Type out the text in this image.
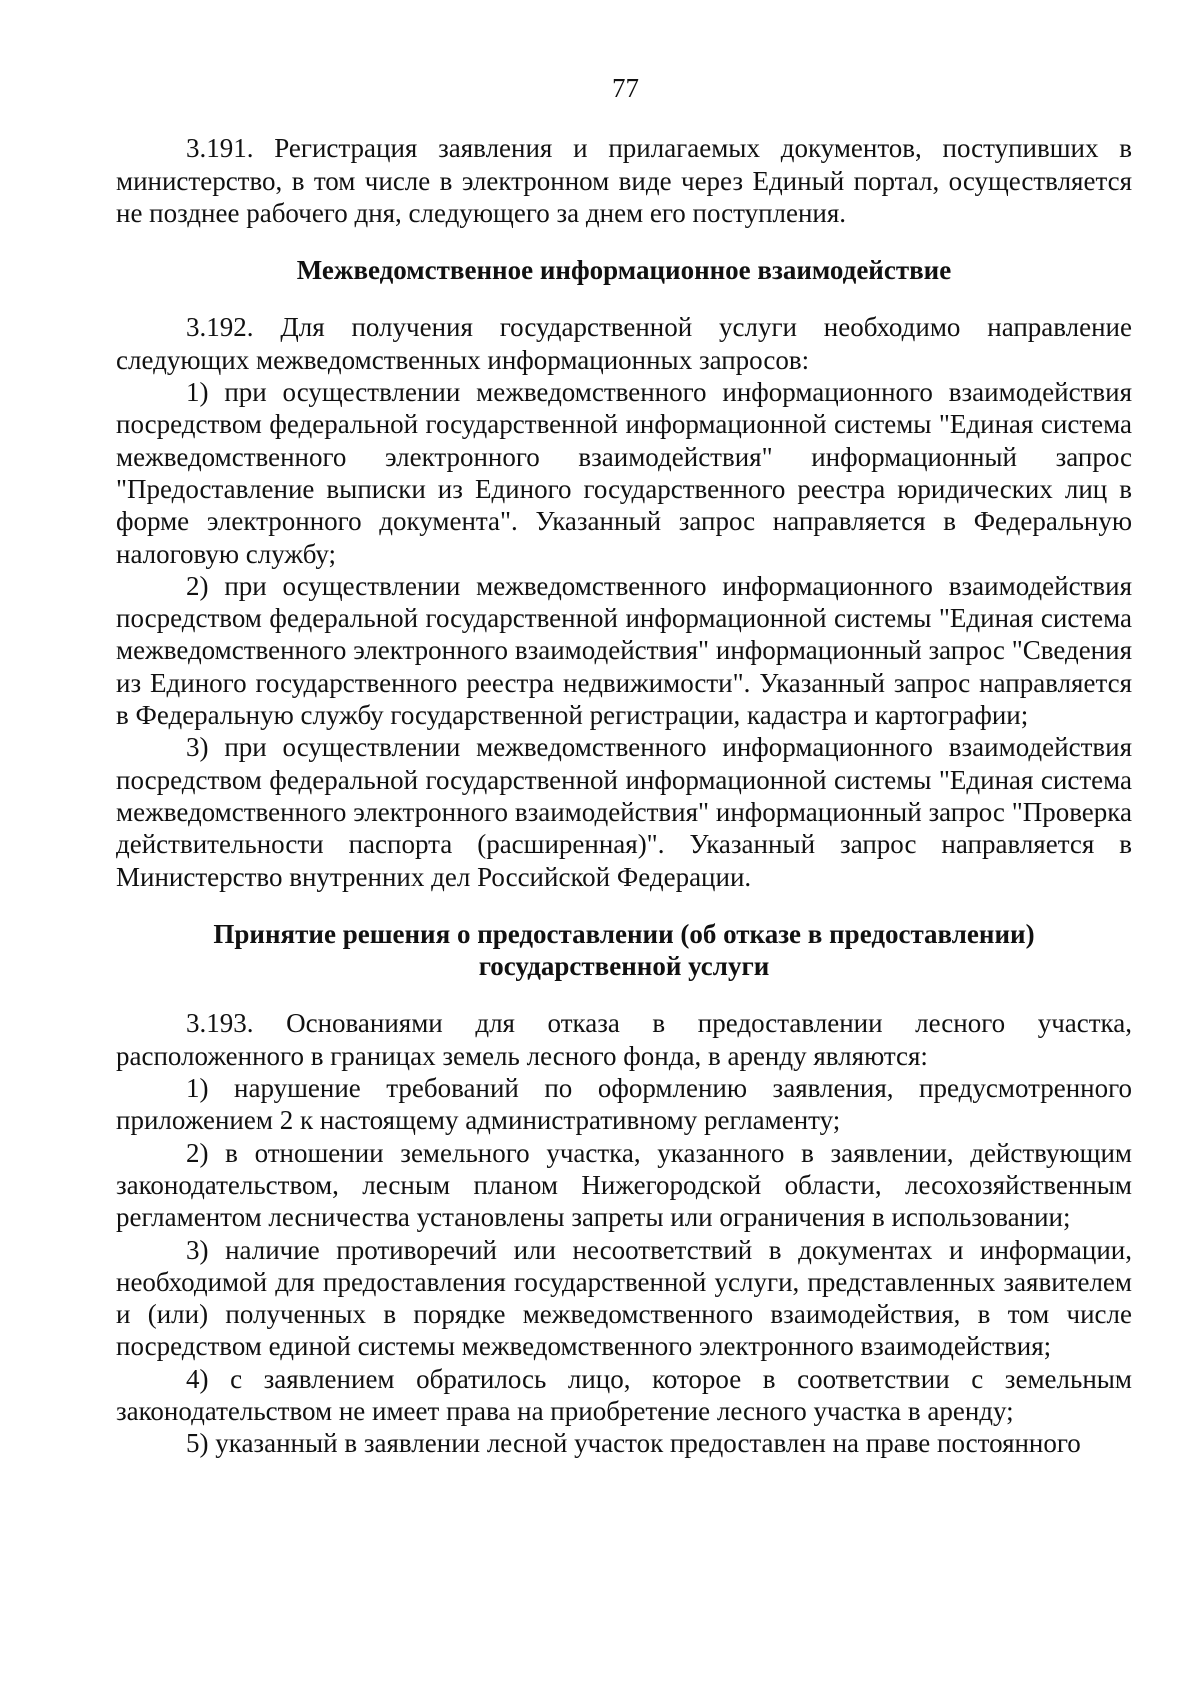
77

3.191. Регистрация заявления и прилагаемых документов, поступивших в министерство, в том числе в электронном виде через Единый портал, осуществляется не позднее рабочего дня, следующего за днем его поступления.

Межведомственное информационное взаимодействие

3.192. Для получения государственной услуги необходимо направление следующих межведомственных информационных запросов:

1) при осуществлении межведомственного информационного взаимодействия посредством федеральной государственной информационной системы "Единая система межведомственного электронного взаимодействия" информационный запрос "Предоставление выписки из Единого государственного реестра юридических лиц в форме электронного документа". Указанный запрос направляется в Федеральную налоговую службу;

2) при осуществлении межведомственного информационного взаимодействия посредством федеральной государственной информационной системы "Единая система межведомственного электронного взаимодействия" информационный запрос "Сведения из Единого государственного реестра недвижимости". Указанный запрос направляется в Федеральную службу государственной регистрации, кадастра и картографии;

3) при осуществлении межведомственного информационного взаимодействия посредством федеральной государственной информационной системы "Единая система межведомственного электронного взаимодействия" информационный запрос "Проверка действительности паспорта (расширенная)". Указанный запрос направляется в Министерство внутренних дел Российской Федерации.

Принятие решения о предоставлении (об отказе в предоставлении)
государственной услуги

3.193. Основаниями для отказа в предоставлении лесного участка, расположенного в границах земель лесного фонда, в аренду являются:

1) нарушение требований по оформлению заявления, предусмотренного приложением 2 к настоящему административному регламенту;

2) в отношении земельного участка, указанного в заявлении, действующим законодательством, лесным планом Нижегородской области, лесохозяйственным регламентом лесничества установлены запреты или ограничения в использовании;

3) наличие противоречий или несоответствий в документах и информации, необходимой для предоставления государственной услуги, представленных заявителем и (или) полученных в порядке межведомственного взаимодействия, в том числе посредством единой системы межведомственного электронного взаимодействия;

4) с заявлением обратилось лицо, которое в соответствии с земельным законодательством не имеет права на приобретение лесного участка в аренду;

5) указанный в заявлении лесной участок предоставлен на праве постоянного
